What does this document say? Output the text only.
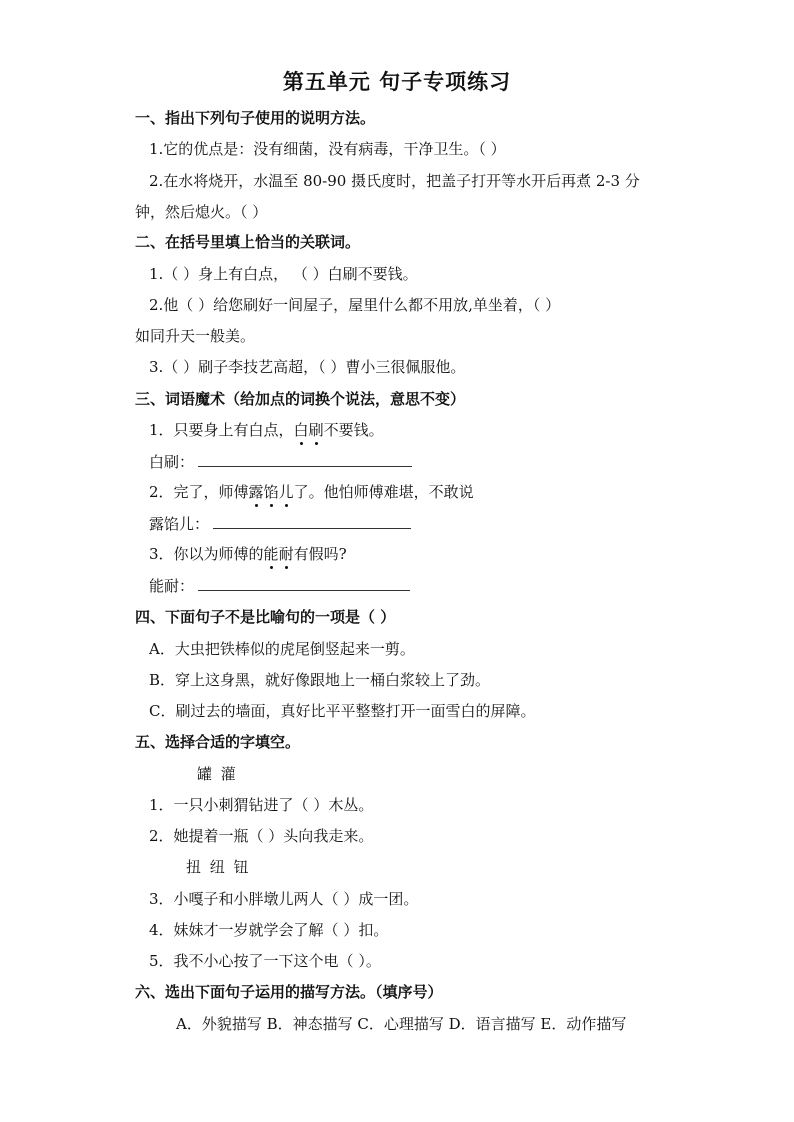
第五单元 句子专项练习
一、指出下列句子使用的说明方法。
1.它的优点是：没有细菌，没有病毒，干净卫生。（ ）
2.在水将烧开，水温至 80-90 摄氏度时，把盖子打开等水开后再煮 2-3 分
钟，然后熄火。（ ）
二、在括号里填上恰当的关联词。
1.（ ）身上有白点， （ ）白刷不要钱。
2.他（ ）给您刷好一间屋子，屋里什么都不用放,单坐着，（ ）
如同升天一般美。
3.（ ）刷子李技艺高超，（ ）曹小三很佩服他。
三、词语魔术（给加点的词换个说法，意思不变）
1．只要身上有白点，白刷不要钱。
白刷：
2．完了，师傅露馅儿了。他怕师傅难堪，不敢说
露馅儿：
3．你以为师傅的能耐有假吗?
能耐：
四、下面句子不是比喻句的一项是（ ）
A．大虫把铁棒似的虎尾倒竖起来一剪。
B．穿上这身黑，就好像跟地上一桶白浆较上了劲。
C．刷过去的墙面，真好比平平整整打开一面雪白的屏障。
五、选择合适的字填空。
罐 灌
1．一只小刺猬钻进了（ ）木丛。
2．她提着一瓶（ ）头向我走来。
扭 纽 钮
3．小嘎子和小胖墩儿两人（ ）成一团。
4．妹妹才一岁就学会了解（ ）扣。
5．我不小心按了一下这个电（ ）。
六、选出下面句子运用的描写方法。（填序号）
A．外貌描写 B．神态描写 C．心理描写 D．语言描写 E．动作描写
